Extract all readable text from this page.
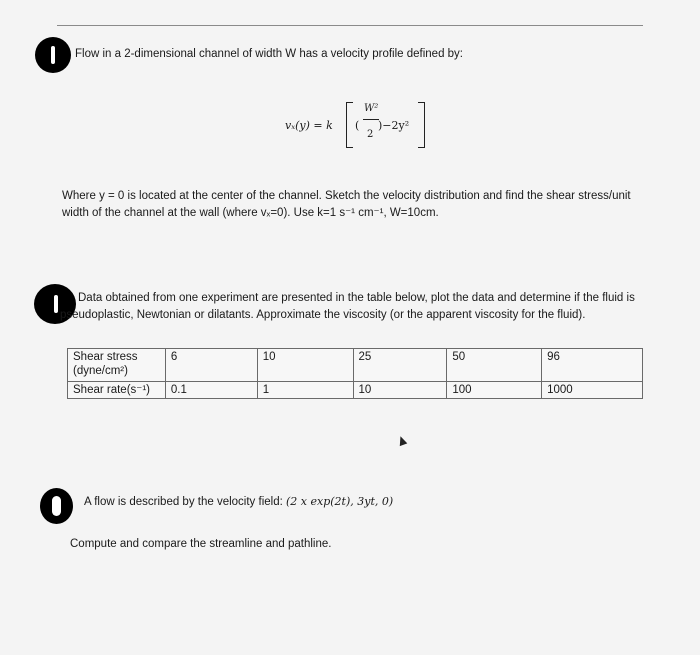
Flow in a 2-dimensional channel of width W has a velocity profile defined by:
vₓ(y) = k (
W²
2
)−2y²
Where y = 0 is located at the center of the channel. Sketch the velocity distribution and find the shear stress/unit width of the channel at the wall (where vₓ=0). Use k=1 s⁻¹ cm⁻¹, W=10cm.
Data obtained from one experiment are presented in the table below, plot the data and determine if the fluid is pseudoplastic, Newtonian or dilatants. Approximate the viscosity (or the apparent viscosity for the fluid).
Shear stress (dyne/cm²)	6	10	25	50	96
Shear rate(s⁻¹)	0.1	1	10	100	1000
A flow is described by the velocity field: (2 x exp(2t), 3yt, 0)
Compute and compare the streamline and pathline.
